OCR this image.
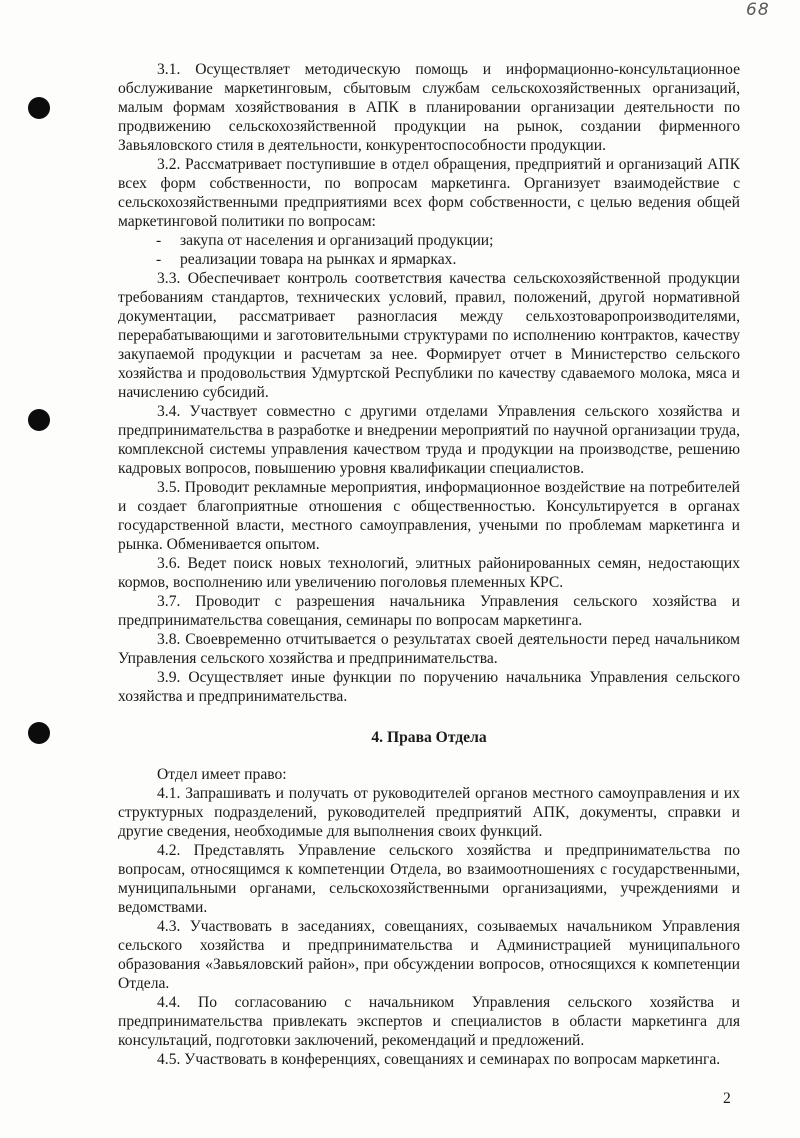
68

3.1. Осуществляет методическую помощь и информационно-консультационное обслуживание маркетинговым, сбытовым службам сельскохозяйственных организаций, малым формам хозяйствования в АПК в планировании организации деятельности по продвижению сельскохозяйственной продукции на рынок, создании фирменного Завьяловского стиля в деятельности, конкурентоспособности продукции.

3.2. Рассматривает поступившие в отдел обращения, предприятий и организаций АПК всех форм собственности, по вопросам маркетинга. Организует взаимодействие с сельскохозяйственными предприятиями всех форм собственности, с целью ведения общей маркетинговой политики по вопросам:

- закупа от населения и организаций продукции;
- реализации товара на рынках и ярмарках.

3.3. Обеспечивает контроль соответствия качества сельскохозяйственной продукции требованиям стандартов, технических условий, правил, положений, другой нормативной документации, рассматривает разногласия между сельхозтоваропроизводителями, перерабатывающими и заготовительными структурами по исполнению контрактов, качеству закупаемой продукции и расчетам за нее. Формирует отчет в Министерство сельского хозяйства и продовольствия Удмуртской Республики по качеству сдаваемого молока, мяса и начислению субсидий.

3.4. Участвует совместно с другими отделами Управления сельского хозяйства и предпринимательства в разработке и внедрении мероприятий по научной организации труда, комплексной системы управления качеством труда и продукции на производстве, решению кадровых вопросов, повышению уровня квалификации специалистов.

3.5. Проводит рекламные мероприятия, информационное воздействие на потребителей и создает благоприятные отношения с общественностью. Консультируется в органах государственной власти, местного самоуправления, учеными по проблемам маркетинга и рынка. Обменивается опытом.

3.6. Ведет поиск новых технологий, элитных районированных семян, недостающих кормов, восполнению или увеличению поголовья племенных КРС.

3.7. Проводит с разрешения начальника Управления сельского хозяйства и предпринимательства совещания, семинары по вопросам маркетинга.

3.8. Своевременно отчитывается о результатах своей деятельности перед начальником Управления сельского хозяйства и предпринимательства.

3.9. Осуществляет иные функции по поручению начальника Управления сельского хозяйства и предпринимательства.

4. Права Отдела

Отдел имеет право:

4.1. Запрашивать и получать от руководителей органов местного самоуправления и их структурных подразделений, руководителей предприятий АПК, документы, справки и другие сведения, необходимые для выполнения своих функций.

4.2. Представлять Управление сельского хозяйства и предпринимательства по вопросам, относящимся к компетенции Отдела, во взаимоотношениях с государственными, муниципальными органами, сельскохозяйственными организациями, учреждениями и ведомствами.

4.3. Участвовать в заседаниях, совещаниях, созываемых начальником Управления сельского хозяйства и предпринимательства и Администрацией муниципального образования «Завьяловский район», при обсуждении вопросов, относящихся к компетенции Отдела.

4.4. По согласованию с начальником Управления сельского хозяйства и предпринимательства привлекать экспертов и специалистов в области маркетинга для консультаций, подготовки заключений, рекомендаций и предложений.

4.5. Участвовать в конференциях, совещаниях и семинарах по вопросам маркетинга.

2
